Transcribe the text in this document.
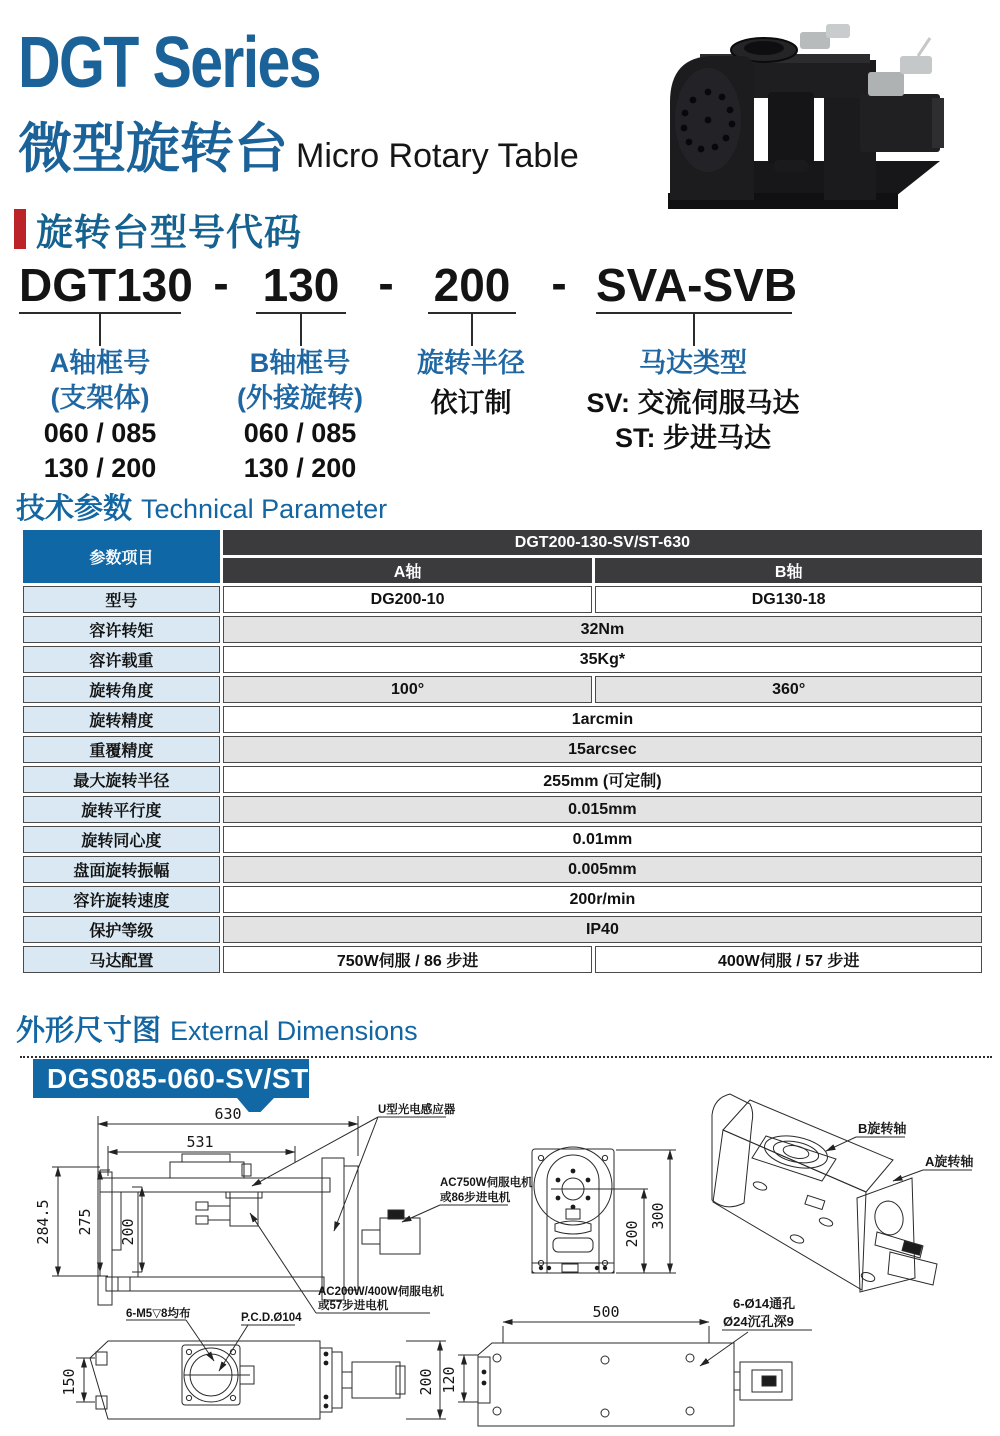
DGT Series
微型旋转台 Micro Rotary Table
旋转台型号代码
DGT130 - 130 - 200 - SVA-SVB
A轴框号
(支架体)
060 / 085
130 / 200
B轴框号
(外接旋转)
060 / 085
130 / 200
旋转半径
依订制
马达类型
SV: 交流伺服马达
ST: 步进马达
技术参数 Technical Parameter
参数项目	DGT200-130-SV/ST-630	
	A轴	B轴
型号	DG200-10	DG130-18
容许转矩	32Nm	
容许载重	35Kg*	
旋转角度	100°	360°
旋转精度	1arcmin	
重覆精度	15arcsec	
最大旋转半径	255mm (可定制)	
旋转平行度	0.015mm	
旋转同心度	0.01mm	
盘面旋转振幅	0.005mm	
容许旋转速度	200r/min	
保护等级	IP40	
马达配置	750W伺服 / 86 步进	400W伺服 / 57 步进
外形尺寸图 External Dimensions
DGS085-060-SV/ST
630
531
284.5 275 200
U型光电感应器
AC750W伺服电机
或86步进电机
AC200W/400W伺服电机
或57步进电机
300
200
B旋转轴
A旋转轴
6-M5▽8均布	P.C.D.Ø104
150	200
500
120
6-Ø14通孔
Ø24沉孔深9
